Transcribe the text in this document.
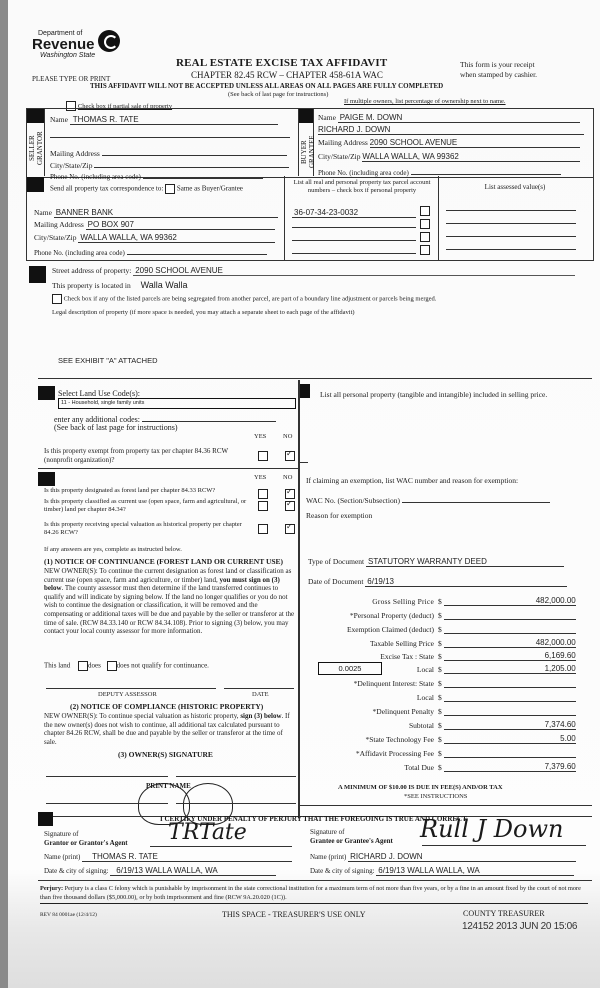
Department of
Revenue
Washington State
REAL ESTATE EXCISE TAX AFFIDAVIT
CHAPTER 82.45 RCW – CHAPTER 458-61A WAC
PLEASE TYPE OR PRINT
THIS AFFIDAVIT WILL NOT BE ACCEPTED UNLESS ALL AREAS ON ALL PAGES ARE FULLY COMPLETED
(See back of last page for instructions)
This form is your receipt
when stamped by cashier.
Check box if partial sale of property
If multiple owners, list percentage of ownership next to name.
SELLER GRANTOR
Name THOMAS R. TATE
Mailing Address
City/State/Zip
Phone No. (including area code)
BUYER GRANTEE
Name PAIGE M. DOWN
RICHARD J. DOWN
Mailing Address 2090 SCHOOL AVENUE
City/State/Zip WALLA WALLA, WA 99362
Phone No. (including area code)
Send all property tax correspondence to: Same as Buyer/Grantee
Name BANNER BANK
Mailing Address PO BOX 907
City/State/Zip WALLA WALLA, WA 99362
Phone No. (including area code)
List all real and personal property tax parcel account numbers – check box if personal property	List assessed value(s)
36-07-34-23-0032

Street address of property: 2090 SCHOOL AVENUE
This property is located in Walla Walla
Check box if any of the listed parcels are being segregated from another parcel, are part of a boundary line adjustment or parcels being merged.
Legal description of property (if more space is needed, you may attach a separate sheet to each page of the affidavit)
SEE EXHIBIT "A" ATTACHED
Select Land Use Code(s):
11 - Household, single family units
enter any additional codes:
(See back of last page for instructions)
YES	NO
Is this property exempt from property tax per chapter 84.36 RCW (nonprofit organization)?
✓
YES	NO
Is this property designated as forest land per chapter 84.33 RCW?
✓
Is this property classified as current use (open space, farm and agricultural, or timber) land per chapter 84.34?
✓
Is this property receiving special valuation as historical property per chapter 84.26 RCW?
✓
If any answers are yes, complete as instructed below.
(1) NOTICE OF CONTINUANCE (FOREST LAND OR CURRENT USE)
NEW OWNER(S): To continue the current designation as forest land or classification as current use (open space, farm and agriculture, or timber) land, you must sign on (3) below. The county assessor must then determine if the land transferred continues to qualify and will indicate by signing below. If the land no longer qualifies or you do not wish to continue the designation or classification, it will be removed and the compensating or additional taxes will be due and payable by the seller or transferor at the time of sale. (RCW 84.33.140 or RCW 84.34.108). Prior to signing (3) below, you may contact your local county assessor for more information.
This land	does does not qualify for continuance.
DEPUTY ASSESSOR	DATE
(2) NOTICE OF COMPLIANCE (HISTORIC PROPERTY)
NEW OWNER(S): To continue special valuation as historic property, sign (3) below. If the new owner(s) does not wish to continue, all additional tax calculated pursuant to chapter 84.26 RCW, shall be due and payable by the seller or transferor at the time of sale.
(3) OWNER(S) SIGNATURE
PRINT NAME
List all personal property (tangible and intangible) included in selling price.
If claiming an exemption, list WAC number and reason for exemption:
WAC No. (Section/Subsection)
Reason for exemption
Type of Document STATUTORY WARRANTY DEED
Date of Document 6/19/13
Gross Selling Price $	482,000.00
*Personal Property (deduct) $
Exemption Claimed (deduct) $
Taxable Selling Price $	482,000.00
Excise Tax : State $	6,169.60
0.0025	Local $	1,205.00
*Delinquent Interest: State $
Local $
*Delinquent Penalty $
Subtotal $	7,374.60
*State Technology Fee $	5.00
*Affidavit Processing Fee $
Total Due $	7,379.60
A MINIMUM OF $10.00 IS DUE IN FEE(S) AND/OR TAX
*SEE INSTRUCTIONS
I CERTIFY UNDER PENALTY OF PERJURY THAT THE FOREGOING IS TRUE AND CORRECT.
Signature of
Grantor or Grantor's Agent TRTate
Name (print) THOMAS R. TATE
Date & city of signing: 6/19/13 WALLA WALLA, WA
Signature of
Grantee or Grantee's Agent Rull J Down
Name (print) RICHARD J. DOWN
Date & city of signing: 6/19/13 WALLA WALLA, WA
Perjury: Perjury is a class C felony which is punishable by imprisonment in the state correctional institution for a maximum term of not more than five years, or by a fine in an amount fixed by the court of not more than five thousand dollars ($5,000.00), or by both imprisonment and fine (RCW 9A.20.020 (1C)).
REV 84 0001ae (12/4/12)	THIS SPACE - TREASURER'S USE ONLY	COUNTY TREASURER
124152 2013 JUN 20 15:06
